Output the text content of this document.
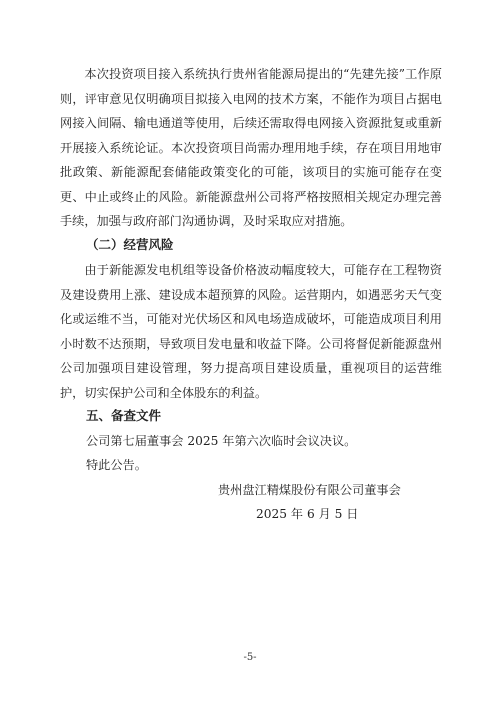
本次投资项目接入系统执行贵州省能源局提出的“先建先接”工作原则，评审意见仅明确项目拟接入电网的技术方案，不能作为项目占据电网接入间隔、输电通道等使用，后续还需取得电网接入资源批复或重新开展接入系统论证。本次投资项目尚需办理用地手续，存在项目用地审批政策、新能源配套储能政策变化的可能，该项目的实施可能存在变更、中止或终止的风险。新能源盘州公司将严格按照相关规定办理完善手续，加强与政府部门沟通协调，及时采取应对措施。

（二）经营风险

由于新能源发电机组等设备价格波动幅度较大，可能存在工程物资及建设费用上涨、建设成本超预算的风险。运营期内，如遇恶劣天气变化或运维不当，可能对光伏场区和风电场造成破坏，可能造成项目利用小时数不达预期，导致项目发电量和收益下降。公司将督促新能源盘州公司加强项目建设管理，努力提高项目建设质量，重视项目的运营维护，切实保护公司和全体股东的利益。

五、备查文件

公司第七届董事会 2025 年第六次临时会议决议。

特此公告。

贵州盘江精煤股份有限公司董事会

2025 年 6 月 5 日

-5-
